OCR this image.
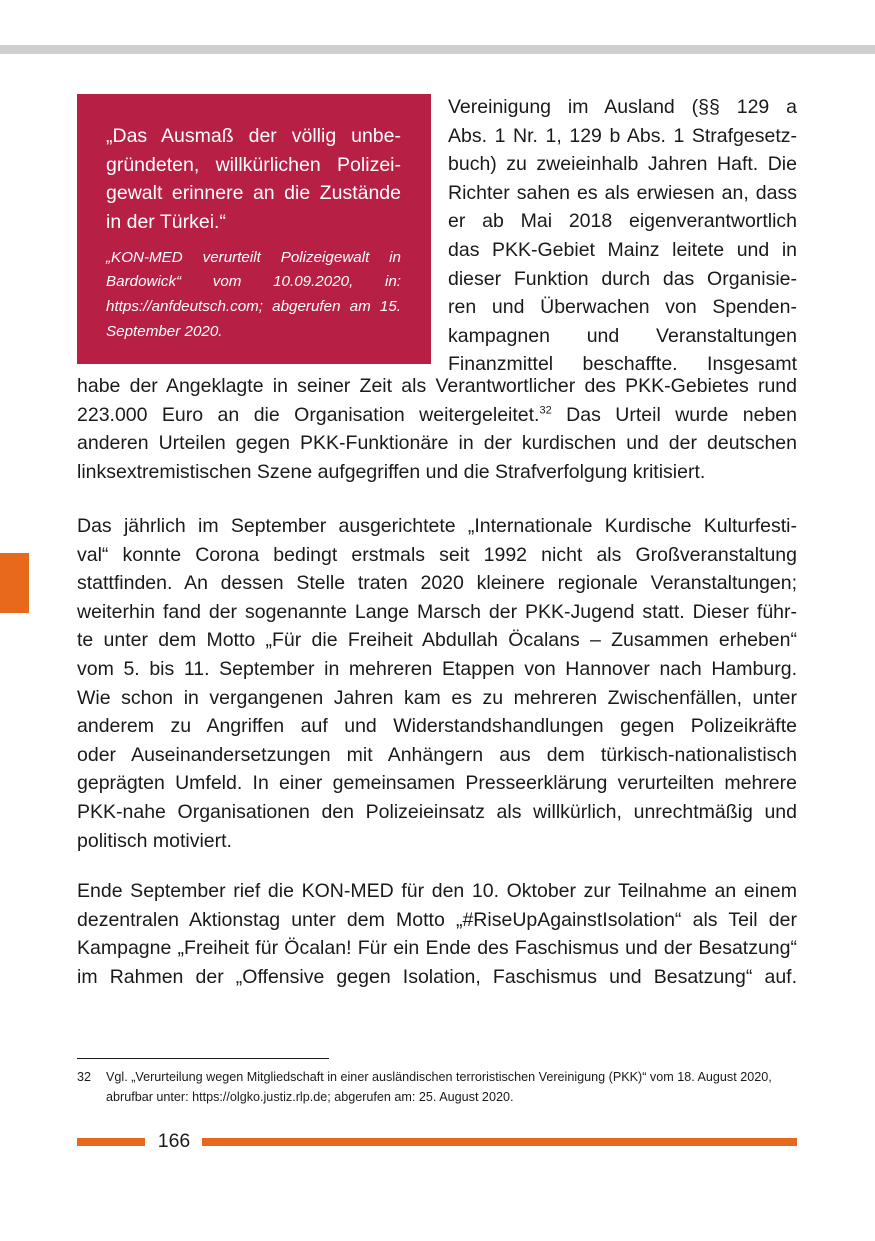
„Das Ausmaß der völlig unbegründeten, willkürlichen Polizeigewalt erinnere an die Zustände in der Türkei.“

„KON-MED verurteilt Polizeigewalt in Bardowick“ vom 10.09.2020, in: https://anfdeutsch.com; abgerufen am 15. September 2020.

Vereinigung im Ausland (§§ 129 a
Abs. 1 Nr. 1, 129 b Abs. 1 Strafgesetz-
buch) zu zweieinhalb Jahren Haft. Die
Richter sahen es als erwiesen an, dass
er ab Mai 2018 eigenverantwortlich
das PKK-Gebiet Mainz leitete und in
dieser Funktion durch das Organisie-
ren und Überwachen von Spenden-
kampagnen und Veranstaltungen
Finanzmittel beschaffte. Insgesamt
habe der Angeklagte in seiner Zeit als Verantwortlicher des PKK-Gebietes rund
223.000 Euro an die Organisation weitergeleitet.$^{32}$ Das Urteil wurde neben
anderen Urteilen gegen PKK-Funktionäre in der kurdischen und der deutschen
linksextremistischen Szene aufgegriffen und die Strafverfolgung kritisiert.
Das jährlich im September ausgerichtete „Internationale Kurdische Kulturfesti-
val“ konnte Corona bedingt erstmals seit 1992 nicht als Großveranstaltung
stattfinden. An dessen Stelle traten 2020 kleinere regionale Veranstaltungen;
weiterhin fand der sogenannte Lange Marsch der PKK-Jugend statt. Dieser führ-
te unter dem Motto „Für die Freiheit Abdullah Öcalans – Zusammen erheben“
vom 5. bis 11. September in mehreren Etappen von Hannover nach Hamburg.
Wie schon in vergangenen Jahren kam es zu mehreren Zwischenfällen, unter
anderem zu Angriffen auf und Widerstandshandlungen gegen Polizeikräfte
oder Auseinandersetzungen mit Anhängern aus dem türkisch-nationalistisch
geprägten Umfeld. In einer gemeinsamen Presseerklärung verurteilten mehrere
PKK-nahe Organisationen den Polizeieinsatz als willkürlich, unrechtmäßig und
politisch motiviert.
Ende September rief die KON-MED für den 10. Oktober zur Teilnahme an einem
dezentralen Aktionstag unter dem Motto „#RiseUpAgainstIsolation“ als Teil der
Kampagne „Freiheit für Öcalan! Für ein Ende des Faschismus und der Besatzung“
im Rahmen der „Offensive gegen Isolation, Faschismus und Besatzung“ auf.
32 Vgl. „Verurteilung wegen Mitgliedschaft in einer ausländischen terroristischen Vereinigung (PKK)“ vom 18. August 2020,
abrufbar unter: https://olgko.justiz.rlp.de; abgerufen am: 25. August 2020.
166
